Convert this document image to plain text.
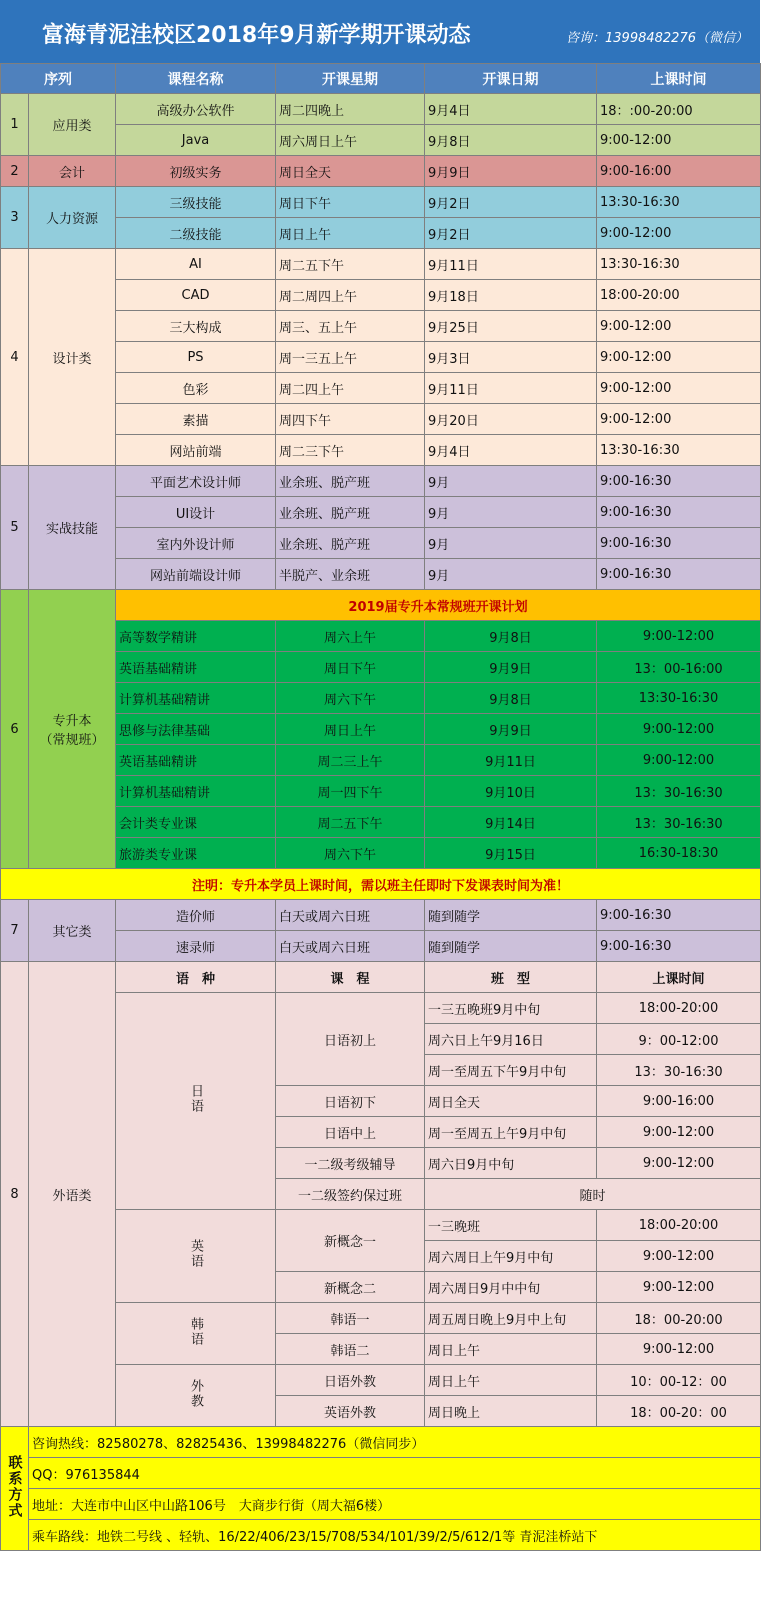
富海青泥洼校区2018年9月新学期开课动态	咨询：13998482276（微信）
序列		课程名称	开课星期	开课日期	上课时间
1	应用类	高级办公软件	周二四晚上	9月4日	18：:00-20:00
		Java	周六周日上午	9月8日	9:00-12:00
2	会计	初级实务	周日全天	9月9日	9:00-16:00
3	人力资源	三级技能	周日下午	9月2日	13:30-16:30
		二级技能	周日上午	9月2日	9:00-12:00
4	设计类	AI	周二五下午	9月11日	13:30-16:30
		CAD	周二周四上午	9月18日	18:00-20:00
		三大构成	周三、五上午	9月25日	9:00-12:00
		PS	周一三五上午	9月3日	9:00-12:00
		色彩	周二四上午	9月11日	9:00-12:00
		素描	周四下午	9月20日	9:00-12:00
		网站前端	周二三下午	9月4日	13:30-16:30
5	实战技能	平面艺术设计师	业余班、脱产班	9月	9:00-16:30
		UI设计	业余班、脱产班	9月	9:00-16:30
		室内外设计师	业余班、脱产班	9月	9:00-16:30
		网站前端设计师	半脱产、业余班	9月	9:00-16:30
6	专升本
（常规班）	2019届专升本常规班开课计划			
		高等数学精讲	周六上午	9月8日	9:00-12:00
		英语基础精讲	周日下午	9月9日	13：00-16:00
		计算机基础精讲	周六下午	9月8日	13:30-16:30
		思修与法律基础	周日上午	9月9日	9:00-12:00
		英语基础精讲	周二三上午	9月11日	9:00-12:00
		计算机基础精讲	周一四下午	9月10日	13：30-16:30
		会计类专业课	周二五下午	9月14日	13：30-16:30
		旅游类专业课	周六下午	9月15日	16:30-18:30
注明：专升本学员上课时间，需以班主任即时下发课表时间为准！					
7	其它类	造价师	白天或周六日班	随到随学	9:00-16:30
		速录师	白天或周六日班	随到随学	9:00-16:30
8	外语类	语　种	课　程	班　型	上课时间
		日语	日语初上	一三五晚班9月中旬	18:00-20:00
				周六日上午9月16日	9：00-12:00
				周一至周五下午9月中旬	13：30-16:30
			日语初下	周日全天	9:00-16:00
			日语中上	周一至周五上午9月中旬	9:00-12:00
			一二级考级辅导	周六日9月中旬	9:00-12:00
			一二级签约保过班	随时	
		英语	新概念一	一三晚班	18:00-20:00
				周六周日上午9月中旬	9:00-12:00
			新概念二	周六周日9月中中旬	9:00-12:00
		韩语	韩语一	周五周日晚上9月中上旬	18：00-20:00
			韩语二	周日上午	9:00-12:00
		外教	日语外教	周日上午	10：00-12：00
			英语外教	周日晚上	18：00-20：00
联系方式	咨询热线：82580278、82825436、13998482276（微信同步）				
	QQ：976135844				
	地址：大连市中山区中山路106号　大商步行街（周大福6楼）				
	乘车路线：地铁二号线 、轻轨、16/22/406/23/15/708/534/101/39/2/5/612/1等 青泥洼桥站下				
